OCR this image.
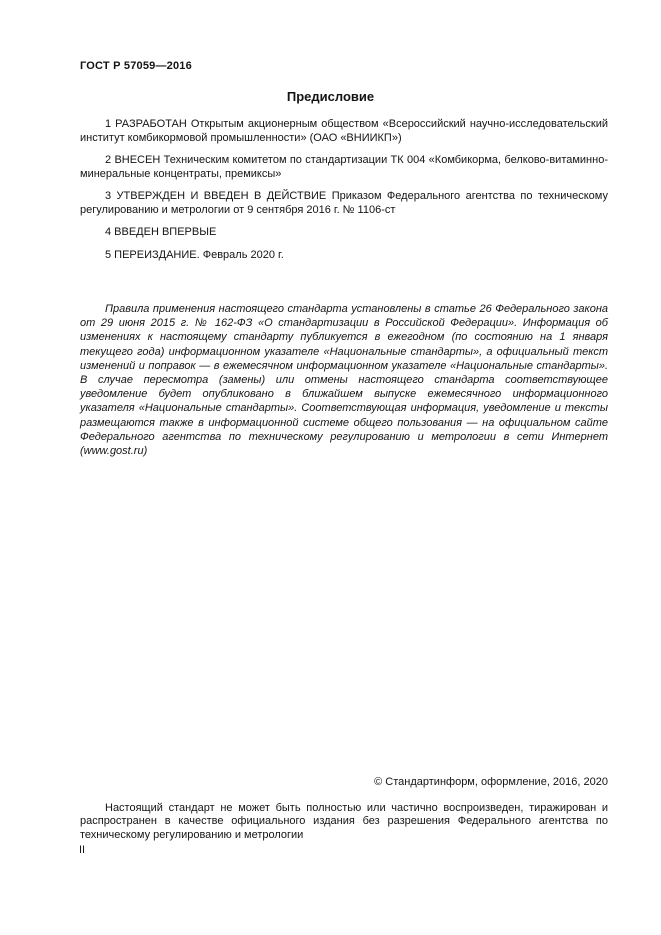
ГОСТ Р 57059—2016
Предисловие

1 РАЗРАБОТАН Открытым акционерным обществом «Всероссийский научно-исследовательский институт комбикормовой промышленности» (ОАО «ВНИИКП»)

2 ВНЕСЕН Техническим комитетом по стандартизации ТК 004 «Комбикорма, белково-витаминно-минеральные концентраты, премиксы»

3 УТВЕРЖДЕН И ВВЕДЕН В ДЕЙСТВИЕ Приказом Федерального агентства по техническому регулированию и метрологии от 9 сентября 2016 г. № 1106-ст

4 ВВЕДЕН ВПЕРВЫЕ

5 ПЕРЕИЗДАНИЕ. Февраль 2020 г.

Правила применения настоящего стандарта установлены в статье 26 Федерального закона от 29 июня 2015 г. № 162-ФЗ «О стандартизации в Российской Федерации». Информация об изменениях к настоящему стандарту публикуется в ежегодном (по состоянию на 1 января текущего года) информационном указателе «Национальные стандарты», а официальный текст изменений и поправок — в ежемесячном информационном указателе «Национальные стандарты». В случае пересмотра (замены) или отмены настоящего стандарта соответствующее уведомление будет опубликовано в ближайшем выпуске ежемесячного информационного указателя «Национальные стандарты». Соответствующая информация, уведомление и тексты размещаются также в информационной системе общего пользования — на официальном сайте Федерального агентства по техническому регулированию и метрологии в сети Интернет (www.gost.ru)

© Стандартинформ, оформление, 2016, 2020

Настоящий стандарт не может быть полностью или частично воспроизведен, тиражирован и распространен в качестве официального издания без разрешения Федерального агентства по техническому регулированию и метрологии

II
